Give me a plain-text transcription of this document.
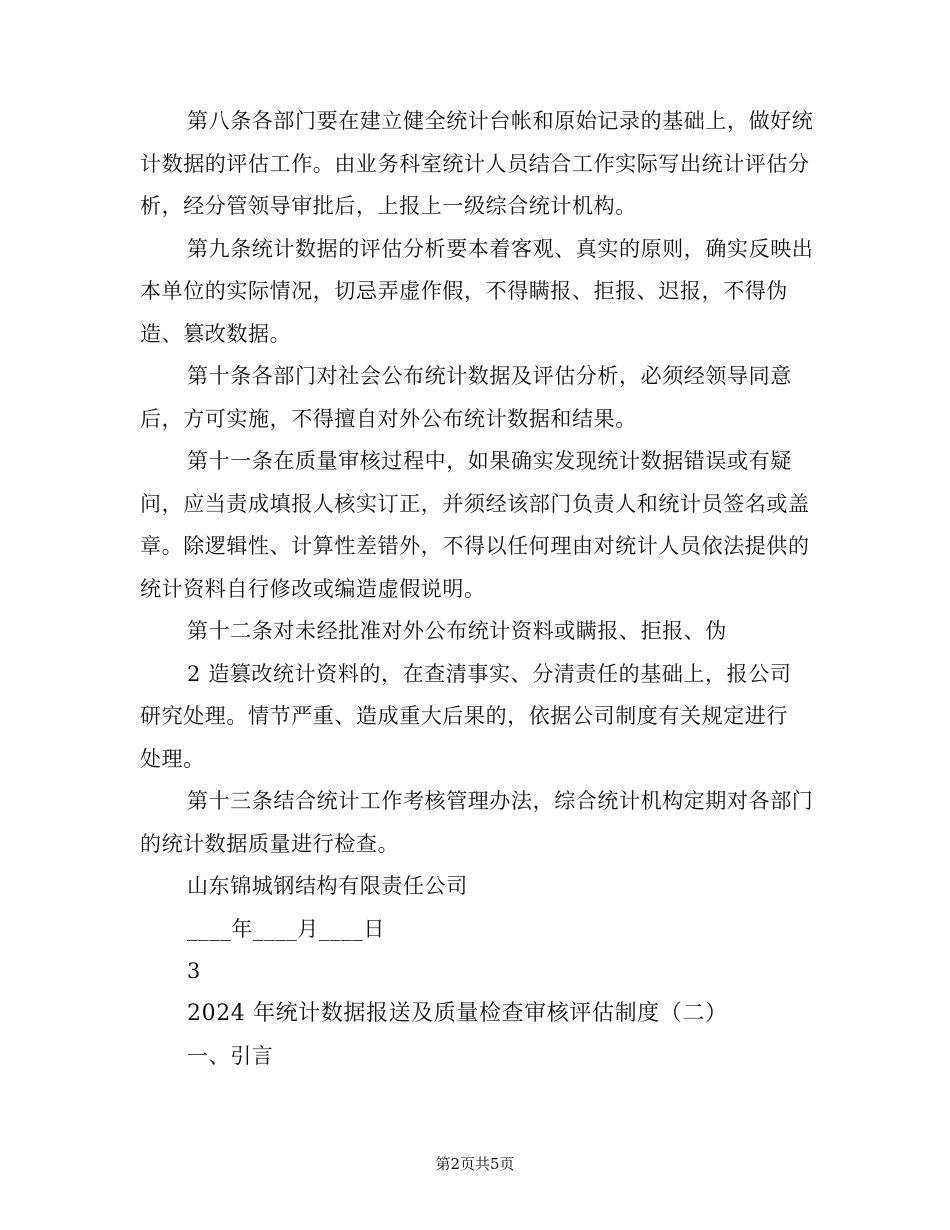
第八条各部门要在建立健全统计台帐和原始记录的基础上，做好统计数据的评估工作。由业务科室统计人员结合工作实际写出统计评估分析，经分管领导审批后，上报上一级综合统计机构。

第九条统计数据的评估分析要本着客观、真实的原则，确实反映出本单位的实际情况，切忌弄虚作假，不得瞒报、拒报、迟报，不得伪造、篡改数据。

第十条各部门对社会公布统计数据及评估分析，必须经领导同意后，方可实施，不得擅自对外公布统计数据和结果。

第十一条在质量审核过程中，如果确实发现统计数据错误或有疑问，应当责成填报人核实订正，并须经该部门负责人和统计员签名或盖章。除逻辑性、计算性差错外，不得以任何理由对统计人员依法提供的统计资料自行修改或编造虚假说明。

第十二条对未经批准对外公布统计资料或瞒报、拒报、伪

2 造篡改统计资料的，在查清事实、分清责任的基础上，报公司

研究处理。情节严重、造成重大后果的，依据公司制度有关规定进行

处理。

第十三条结合统计工作考核管理办法，综合统计机构定期对各部门的统计数据质量进行检查。

山东锦城钢结构有限责任公司

____年____月____日

3

2024 年统计数据报送及质量检查审核评估制度（二）

一、引言

第2页共5页
